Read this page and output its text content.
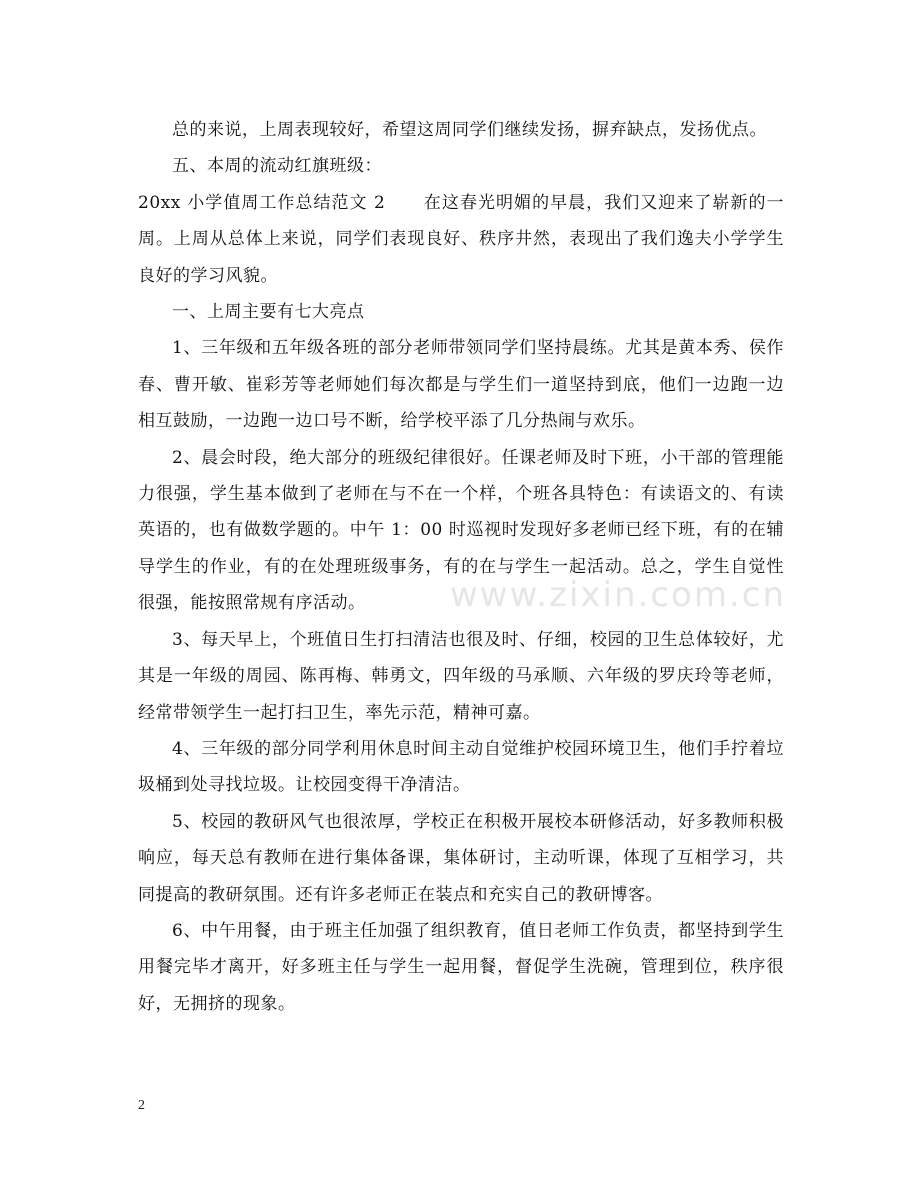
www.zixin.com.cn

总的来说，上周表现较好，希望这周同学们继续发扬，摒弃缺点，发扬优点。

五、本周的流动红旗班级：

20xx 小学值周工作总结范文 2 在这春光明媚的早晨，我们又迎来了崭新的一周。上周从总体上来说，同学们表现良好、秩序井然，表现出了我们逸夫小学学生良好的学习风貌。

一、上周主要有七大亮点

1、三年级和五年级各班的部分老师带领同学们坚持晨练。尤其是黄本秀、侯作春、曹开敏、崔彩芳等老师她们每次都是与学生们一道坚持到底，他们一边跑一边相互鼓励，一边跑一边口号不断，给学校平添了几分热闹与欢乐。

2、晨会时段，绝大部分的班级纪律很好。任课老师及时下班，小干部的管理能力很强，学生基本做到了老师在与不在一个样，个班各具特色：有读语文的、有读英语的，也有做数学题的。中午 1：00 时巡视时发现好多老师已经下班，有的在辅导学生的作业，有的在处理班级事务，有的在与学生一起活动。总之，学生自觉性很强，能按照常规有序活动。

3、每天早上，个班值日生打扫清洁也很及时、仔细，校园的卫生总体较好，尤其是一年级的周园、陈再梅、韩勇文，四年级的马承顺、六年级的罗庆玲等老师，经常带领学生一起打扫卫生，率先示范，精神可嘉。

4、三年级的部分同学利用休息时间主动自觉维护校园环境卫生，他们手拧着垃圾桶到处寻找垃圾。让校园变得干净清洁。

5、校园的教研风气也很浓厚，学校正在积极开展校本研修活动，好多教师积极响应，每天总有教师在进行集体备课，集体研讨，主动听课，体现了互相学习，共同提高的教研氛围。还有许多老师正在装点和充实自己的教研博客。

6、中午用餐，由于班主任加强了组织教育，值日老师工作负责，都坚持到学生用餐完毕才离开，好多班主任与学生一起用餐，督促学生洗碗，管理到位，秩序很好，无拥挤的现象。

2
